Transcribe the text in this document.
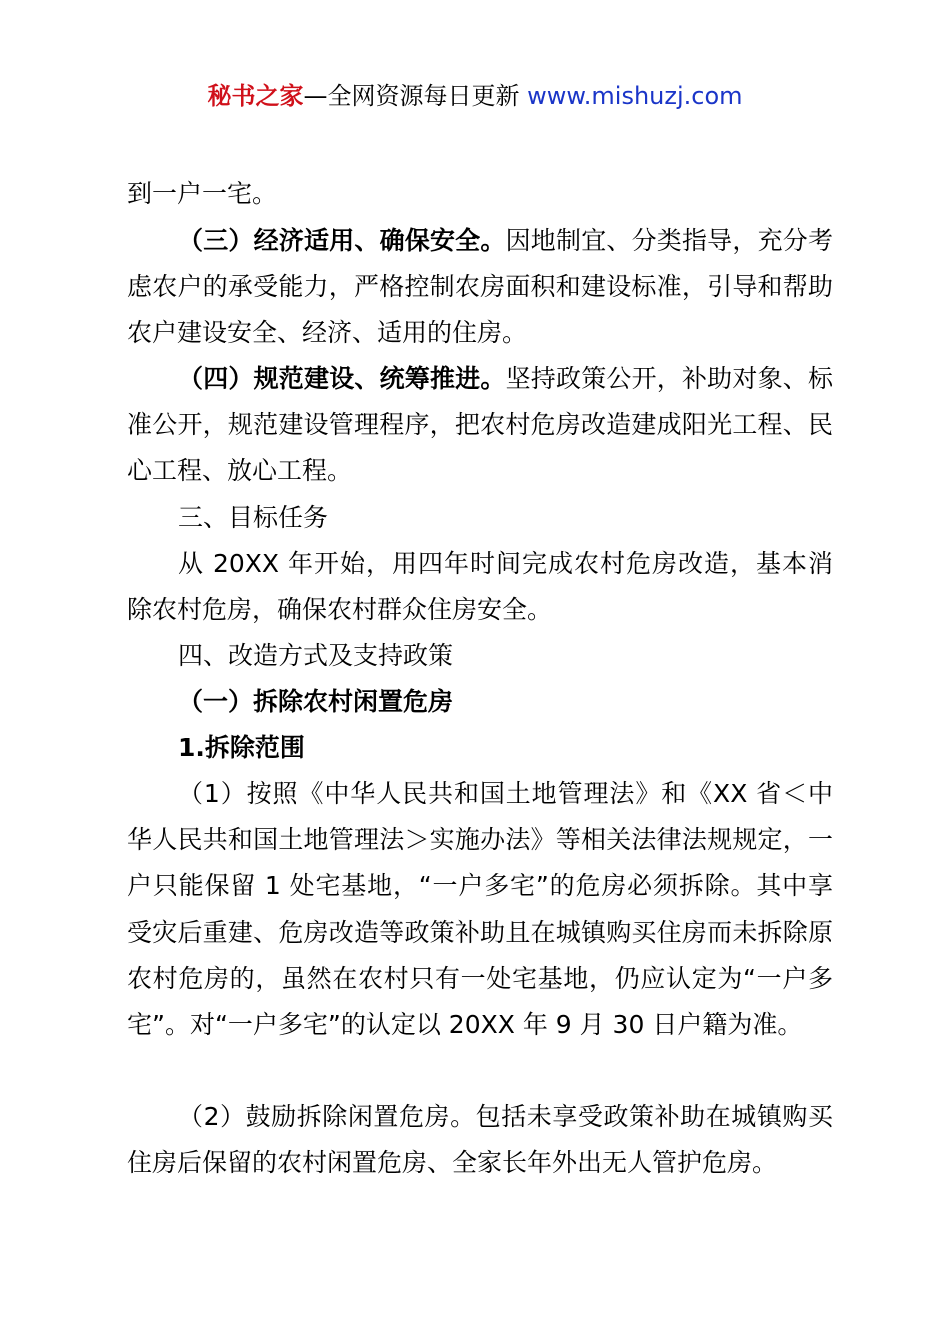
秘书之家—全网资源每日更新 www.mishuzj.com
到一户一宅。
（三）经济适用、确保安全。因地制宜、分类指导，充分考虑农户的承受能力，严格控制农房面积和建设标准，引导和帮助农户建设安全、经济、适用的住房。
（四）规范建设、统筹推进。坚持政策公开，补助对象、标准公开，规范建设管理程序，把农村危房改造建成阳光工程、民心工程、放心工程。
三、目标任务
从 20XX 年开始，用四年时间完成农村危房改造，基本消除农村危房，确保农村群众住房安全。
四、改造方式及支持政策
（一）拆除农村闲置危房
1.拆除范围
（1）按照《中华人民共和国土地管理法》和《XX 省＜中华人民共和国土地管理法＞实施办法》等相关法律法规规定，一户只能保留 1 处宅基地，“一户多宅”的危房必须拆除。其中享受灾后重建、危房改造等政策补助且在城镇购买住房而未拆除原农村危房的，虽然在农村只有一处宅基地，仍应认定为“一户多宅”。对“一户多宅”的认定以 20XX 年 9 月 30 日户籍为准。
（2）鼓励拆除闲置危房。包括未享受政策补助在城镇购买住房后保留的农村闲置危房、全家长年外出无人管护危房。
